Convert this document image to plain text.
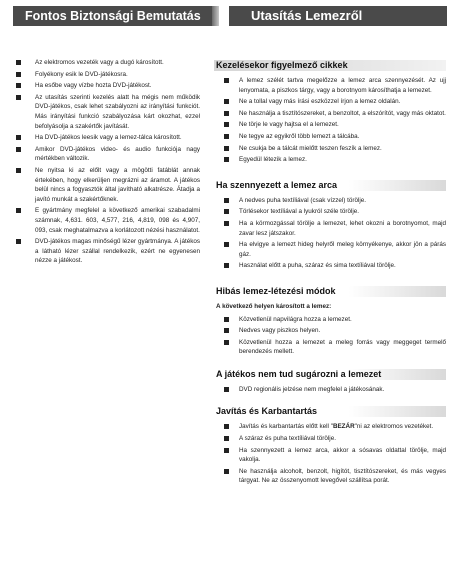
Fontos Biztonsági Bemutatás	Utasítás Lemezről
Az elektromos vezeték vagy a dugó károsított.
Folyékony esik le DVD-játékosra.
Ha esőbe vagy vízbe hozta DVD-játékost.
Az utasítás szerinti kezelés alatt ha mégis nem működik DVD-játékos, csak lehet szabályozni az irányítási funkciót. Más irányítási funkció szabályozása kárt okozhat, ezzel befolyásolja a szakértők javítását.
Ha DVD-játékos leesik vagy a lemez-tálca károsított.
Amikor DVD-játékos video- és audio funkciója nagy mértékben változik.
Ne nyitsa ki az előlt vagy a mögötti fatáblát annak értekében, hogy elkerüljen megrázni az áramot. A játékos belül nincs a fogyasztók által javítható alkatrésze. Átadja a javító munkát a szakértőknek.
E gyártmány megfelel a következő amerikai szabadalmi számnak, 4,631. 603, 4,577, 216, 4,819, 098 és 4,907, 093, csak meghatalmazva a korlátozott nézési használatot.
DVD-játékos magas minőségű lézer gyártmánya. A játékos a látható lézer szállal rendelkezik, ezért ne egyenesen nézze a játékost.
Kezelésekor figyelmező cikkek
A lemez szélét tartva megelőzze a lemez arca szennyezését. Az ujj lenyomata, a piszkos tárgy, vagy a borotnyom károsíthatja a lemezet.
Ne a tollal vagy más írási eszközzel írjon a lemez oldalán.
Ne használja a tisztítószereket, a benzoltot, a elszórítót, vagy más oktatot.
Ne törje le vagy hajtsa el a lemezet.
Ne tegye az egyikről több lemezt a tálcába.
Ne csukja be a tálcát mielőtt teszen feszík a lemez.
Egyedül létezik a lemez.
Ha szennyezett a lemez arca
A nedves puha textíliával (csak vízzel) törölje.
Törlésekor textíliával a lyukról széle törölje.
Ha a körmozgással törölje a lemezet, lehet okozni a borotnyomot, majd zavar lesz játszakor.
Ha elvigye a lemezt hideg helyről meleg környékenye, akkor jön a párás gáz.
Használat előtt a puha, száraz és sima textíliával törölje.
Hibás lemez-létezési módok
A következő helyen károsított a lemez:
Közvetlenül napvilágra hozza a lemezet.
Nedves vagy piszkos helyen.
Közvetlenül hozza a lemezet a meleg forrás vagy meggeget termelő berendezés mellett.
A játékos nem tud sugározni a lemezet
DVD regionális jelzése nem megfelel a játékosának.
Javítás és Karbantartás
Javítás és karbantartás előtt kell "BEZÁR"ni az elektromos vezetéket.
A száraz és puha textíliával törölje.
Ha szennyezett a lemez arca, akkor a sósavas oldattal törölje, majd vakolja.
Ne használja alcoholt, benzolt, higítót, tisztítószereket, és más vegyes tárgyat. Ne az összenyomott levegővel szállítsa porát.
